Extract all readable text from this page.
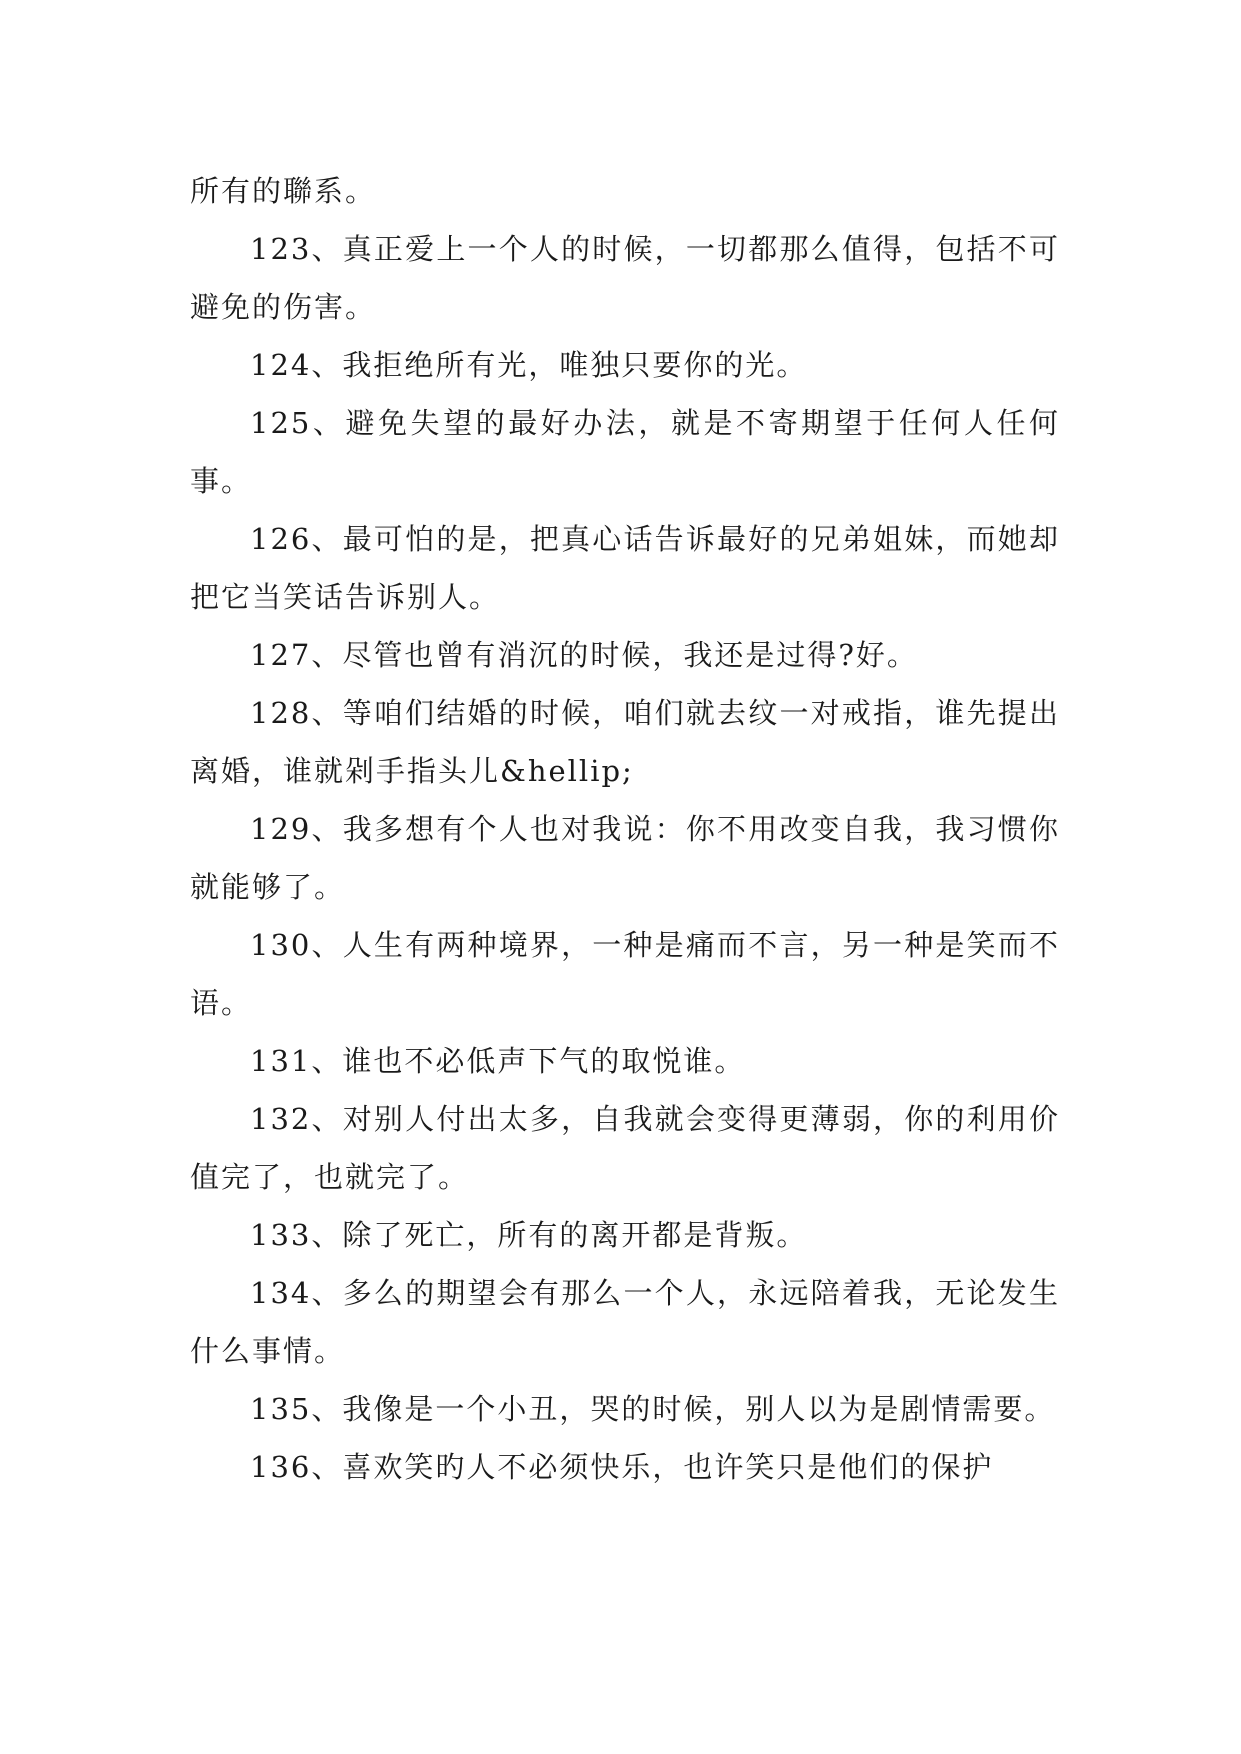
所有的聯系。

123、真正爱上一个人的时候，一切都那么值得，包括不可避免的伤害。

124、我拒绝所有光，唯独只要你的光。

125、避免失望的最好办法，就是不寄期望于任何人任何事。

126、最可怕的是，把真心话告诉最好的兄弟姐妹，而她却把它当笑话告诉别人。

127、尽管也曾有消沉的时候，我还是过得?好。

128、等咱们结婚的时候，咱们就去纹一对戒指，谁先提出离婚，谁就剁手指头儿&hellip;

129、我多想有个人也对我说：你不用改变自我，我习惯你就能够了。

130、人生有两种境界，一种是痛而不言，另一种是笑而不语。

131、谁也不必低声下气的取悦谁。

132、对别人付出太多，自我就会变得更薄弱，你的利用价值完了，也就完了。

133、除了死亡，所有的离开都是背叛。

134、多么的期望会有那么一个人，永远陪着我，无论发生什么事情。

135、我像是一个小丑，哭的时候，别人以为是剧情需要。

136、喜欢笑旳人不必须快乐，也许笑只是他们的保护
